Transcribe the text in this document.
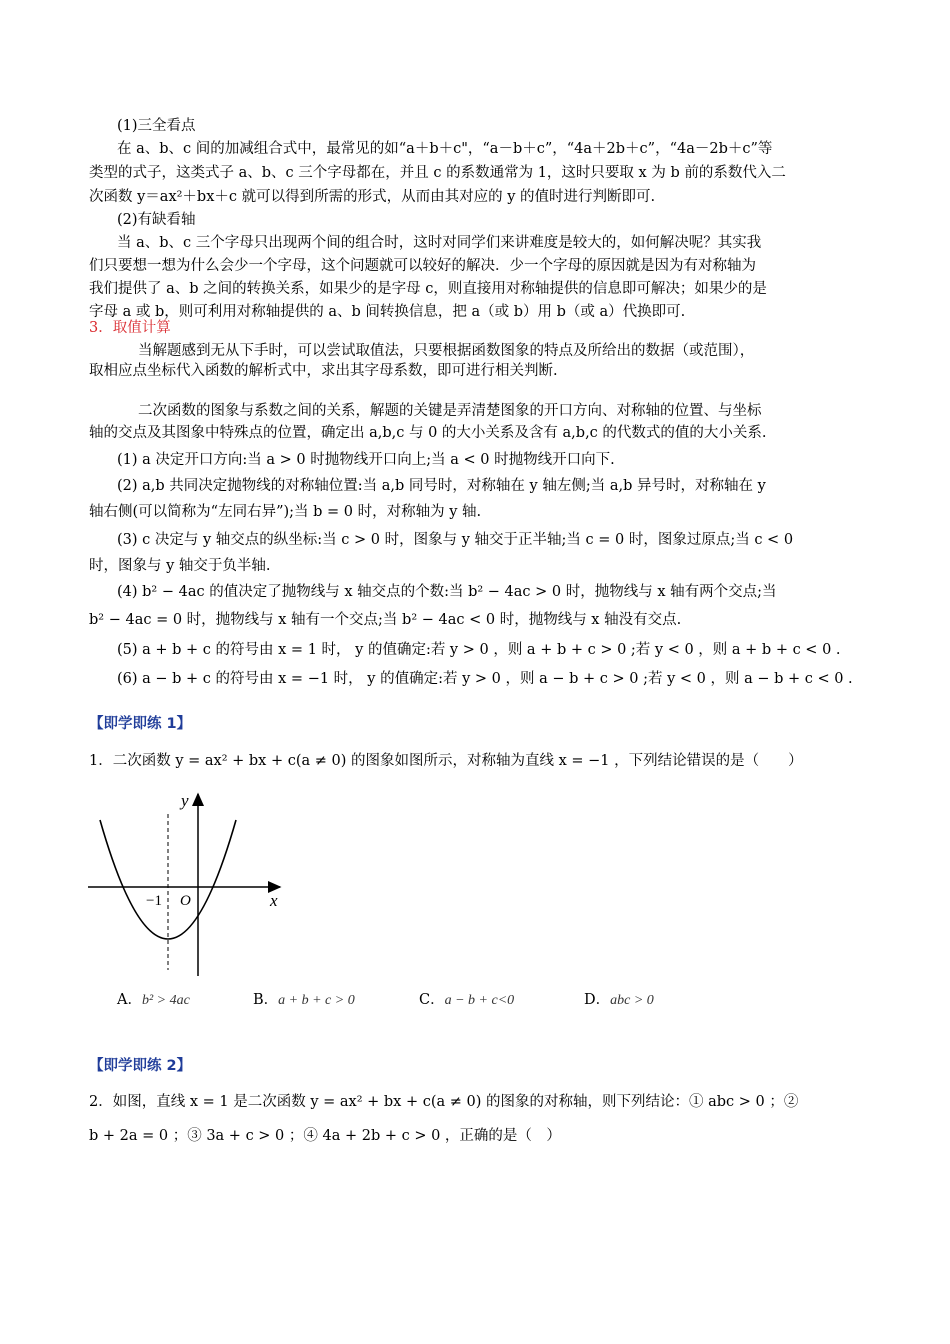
(1)三全看点
在 a、b、c 间的加减组合式中，最常见的如“a＋b＋c"，“a－b＋c”，“4a＋2b＋c”，“4a－2b＋c”等
类型的式子，这类式子 a、b、c 三个字母都在，并且 c 的系数通常为 1，这时只要取 x 为 b 前的系数代入二
次函数 y＝ax²＋bx＋c 就可以得到所需的形式，从而由其对应的 y 的值时进行判断即可.
(2)有缺看轴
当 a、b、c 三个字母只出现两个间的组合时，这时对同学们来讲难度是较大的，如何解决呢？其实我
们只要想一想为什么会少一个字母，这个问题就可以较好的解决．少一个字母的原因就是因为有对称轴为
我们提供了 a、b 之间的转换关系，如果少的是字母 c，则直接用对称轴提供的信息即可解决；如果少的是
字母 a 或 b，则可利用对称轴提供的 a、b 间转换信息，把 a（或 b）用 b（或 a）代换即可.
3．取值计算
当解题感到无从下手时，可以尝试取值法，只要根据函数图象的特点及所给出的数据（或范围），
取相应点坐标代入函数的解析式中，求出其字母系数，即可进行相关判断.
二次函数的图象与系数之间的关系，解题的关键是弄清楚图象的开口方向、对称轴的位置、与坐标
轴的交点及其图象中特殊点的位置，确定出 a,b,c 与 0 的大小关系及含有 a,b,c 的代数式的值的大小关系.
(1) a 决定开口方向:当 a > 0 时抛物线开口向上;当 a < 0 时抛物线开口向下.
(2) a,b 共同决定抛物线的对称轴位置:当 a,b 同号时，对称轴在 y 轴左侧;当 a,b 异号时，对称轴在 y
轴右侧(可以简称为“左同右异”);当 b = 0 时，对称轴为 y 轴.
(3) c 决定与 y 轴交点的纵坐标:当 c > 0 时，图象与 y 轴交于正半轴;当 c = 0 时，图象过原点;当 c < 0
时，图象与 y 轴交于负半轴.
(4) b² − 4ac 的值决定了抛物线与 x 轴交点的个数:当 b² − 4ac > 0 时，抛物线与 x 轴有两个交点;当
b² − 4ac = 0 时，抛物线与 x 轴有一个交点;当 b² − 4ac < 0 时，抛物线与 x 轴没有交点.
(5) a + b + c 的符号由 x = 1 时， y 的值确定:若 y > 0 ，则 a + b + c > 0 ;若 y < 0 ，则 a + b + c < 0 .
(6) a − b + c 的符号由 x = −1 时， y 的值确定:若 y > 0 ，则 a − b + c > 0 ;若 y < 0 ，则 a − b + c < 0 .
【即学即练 1】
1．二次函数 y = ax² + bx + c(a ≠ 0) 的图象如图所示，对称轴为直线 x = −1 ，下列结论错误的是（　　）
y
x
O
−1
A．b² > 4ac	B．a + b + c > 0	C．a − b + c<0	D．abc > 0
【即学即练 2】
2．如图，直线 x = 1 是二次函数 y = ax² + bx + c(a ≠ 0) 的图象的对称轴，则下列结论：① abc > 0 ；②
b + 2a = 0 ；③ 3a + c > 0 ；④ 4a + 2b + c > 0 ，正确的是（　）
